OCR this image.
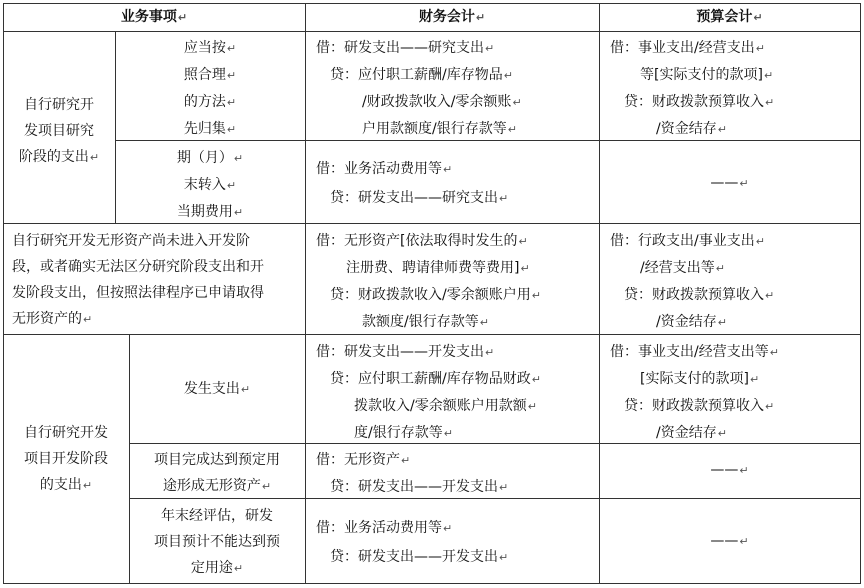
业务事项↵	财务会计↵	预算会计↵
自行研究开
发项目研究
阶段的支出↵
应当按↵
照合理↵
的方法↵
先归集↵
借：研发支出——研究支出↵
贷：应付职工薪酬/库存物品↵
/财政拨款收入/零余额账↵
户用款额度/银行存款等↵
借：事业支出/经营支出↵
等[实际支付的款项]↵
贷：财政拨款预算收入↵
/资金结存↵
期（月）↵
末转入↵
当期费用↵
借：业务活动费用等↵
贷：研发支出——研究支出↵
——↵
自行研究开发无形资产尚未进入开发阶
段，或者确实无法区分研究阶段支出和开
发阶段支出，但按照法律程序已申请取得
无形资产的↵
借：无形资产[依法取得时发生的↵
注册费、聘请律师费等费用]↵
贷：财政拨款收入/零余额账户用↵
款额度/银行存款等↵
借：行政支出/事业支出↵
/经营支出等↵
贷：财政拨款预算收入↵
/资金结存↵
自行研究开发
项目开发阶段
的支出↵
发生支出↵
借：研发支出——开发支出↵
贷：应付职工薪酬/库存物品财政↵
拨款收入/零余额账户用款额↵
度/银行存款等↵
借：事业支出/经营支出等↵
[实际支付的款项]↵
贷：财政拨款预算收入↵
/资金结存↵
项目完成达到预定用
途形成无形资产↵
借：无形资产↵
贷：研发支出——开发支出↵
——↵
年末经评估，研发
项目预计不能达到预
定用途↵
借：业务活动费用等↵
贷：研发支出——开发支出↵
——↵
